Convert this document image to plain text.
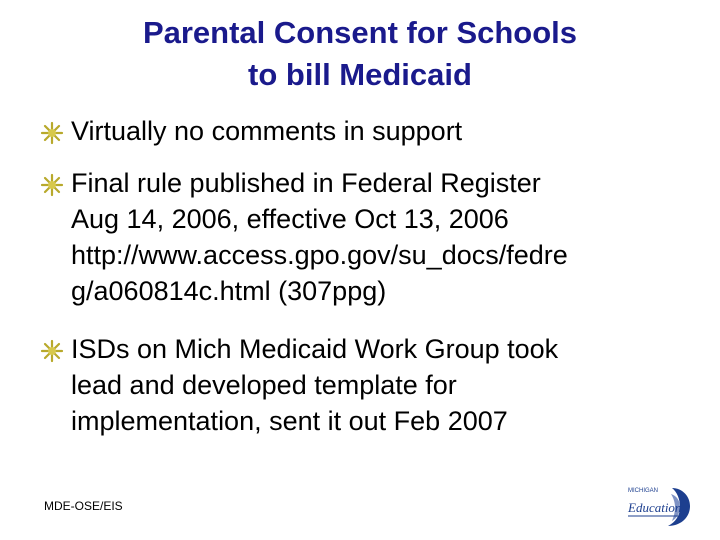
Parental Consent for Schools
to bill Medicaid
Virtually no comments in support
Final rule published in Federal Register
Aug 14, 2006, effective Oct 13, 2006
http://www.access.gpo.gov/su_docs/fedre
g/a060814c.html (307ppg)
ISDs on Mich Medicaid Work Group took
lead and developed template for
implementation, sent it out Feb 2007
MDE-OSE/EIS
MICHIGAN
Education
